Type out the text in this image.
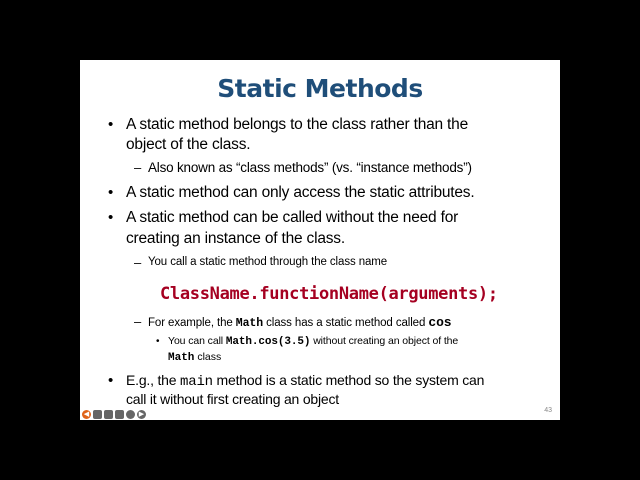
Static Methods
• A static method belongs to the class rather than the

object of the class.

– Also known as “class methods” (vs. “instance methods”)

• A static method can only access the static attributes.

• A static method can be called without the need for

creating an instance of the class.

– You call a static method through the class name

ClassName.functionName(arguments);

– For example, the Math class has a static method called cos

• You can call Math.cos(3.5) without creating an object of the

Math class

• E.g., the main method is a static method so the system can

call it without first creating an object

◀	▶	43
